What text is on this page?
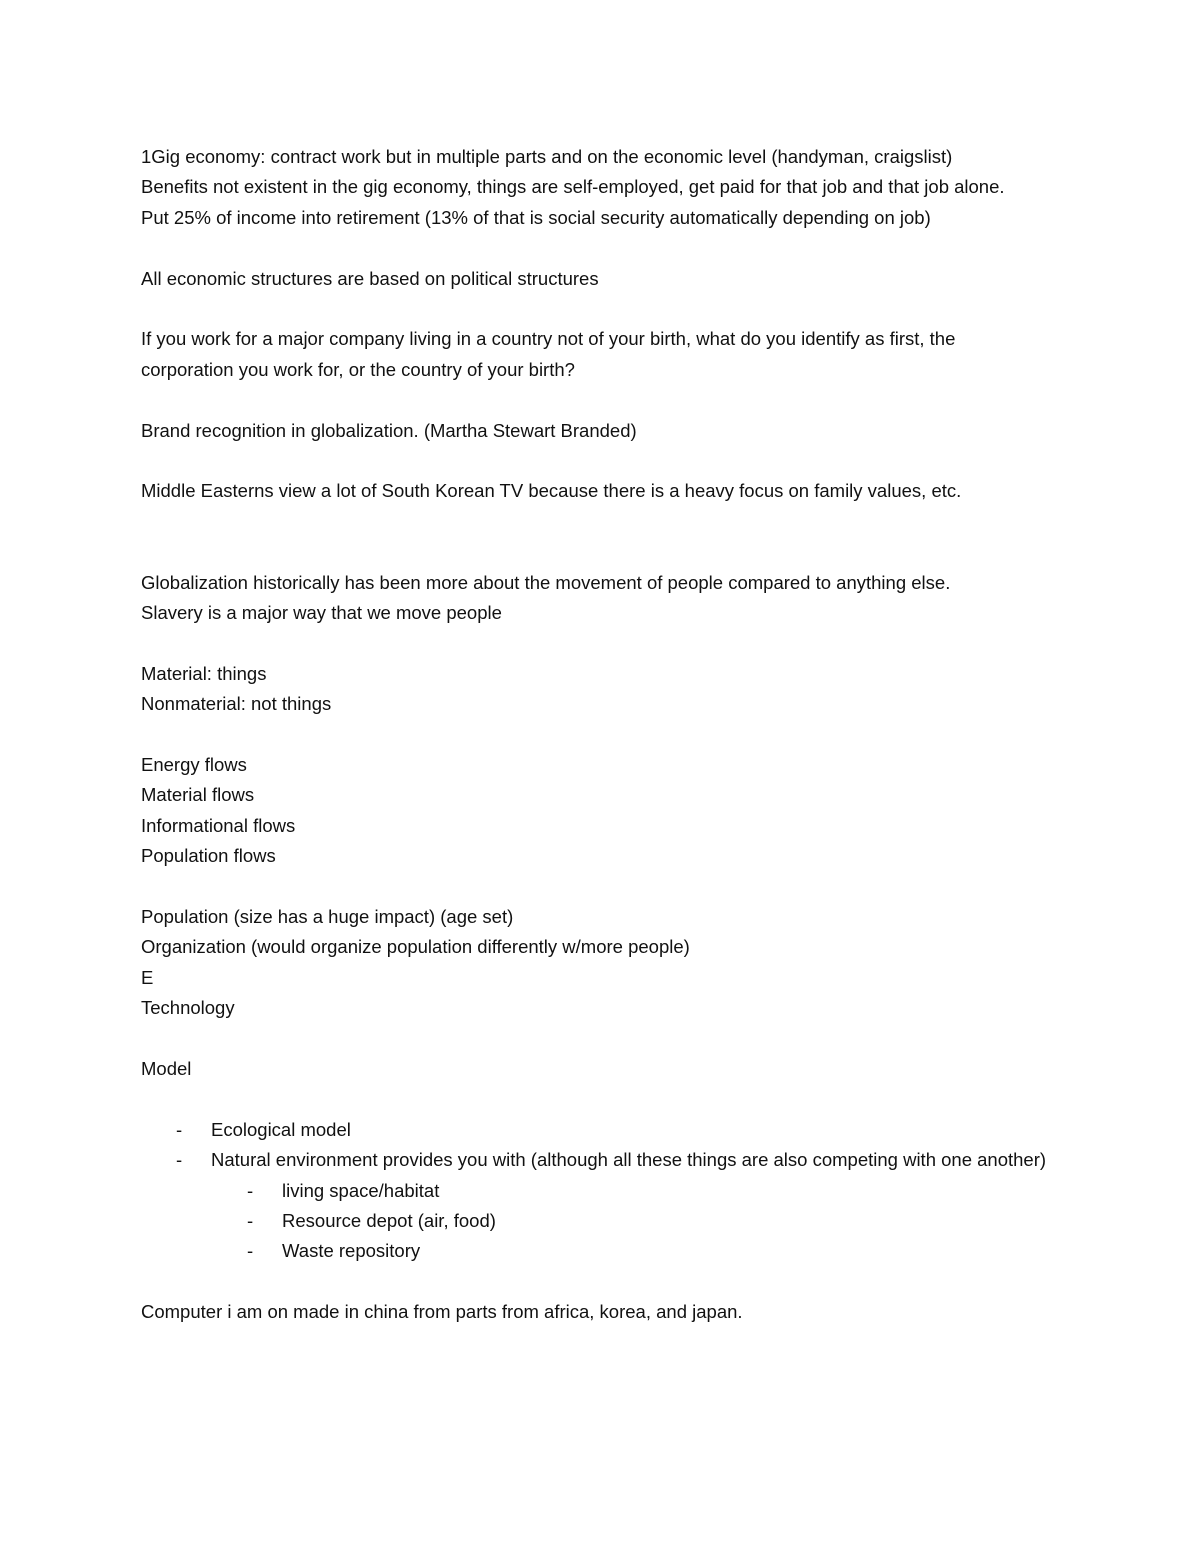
1Gig economy: contract work but in multiple parts and on the economic level (handyman, craigslist)

Benefits not existent in the gig economy, things are self-employed, get paid for that job and that job alone.

Put 25% of income into retirement (13% of that is social security automatically depending on job)

All economic structures are based on political structures

If you work for a major company living in a country not of your birth, what do you identify as first, the corporation you work for, or the country of your birth?

Brand recognition in globalization. (Martha Stewart Branded)

Middle Easterns view a lot of South Korean TV because there is a heavy focus on family values, etc.

Globalization historically has been more about the movement of people compared to anything else.

Slavery is a major way that we move people

Material: things

Nonmaterial: not things

Energy flows

Material flows

Informational flows

Population flows

Population (size has a huge impact) (age set)

Organization (would organize population differently w/more people)

E

Technology

Model

- Ecological model
- Natural environment provides you with (although all these things are also competing with one another)
- living space/habitat
- Resource depot (air, food)
- Waste repository

Computer i am on made in china from parts from africa, korea, and japan.
